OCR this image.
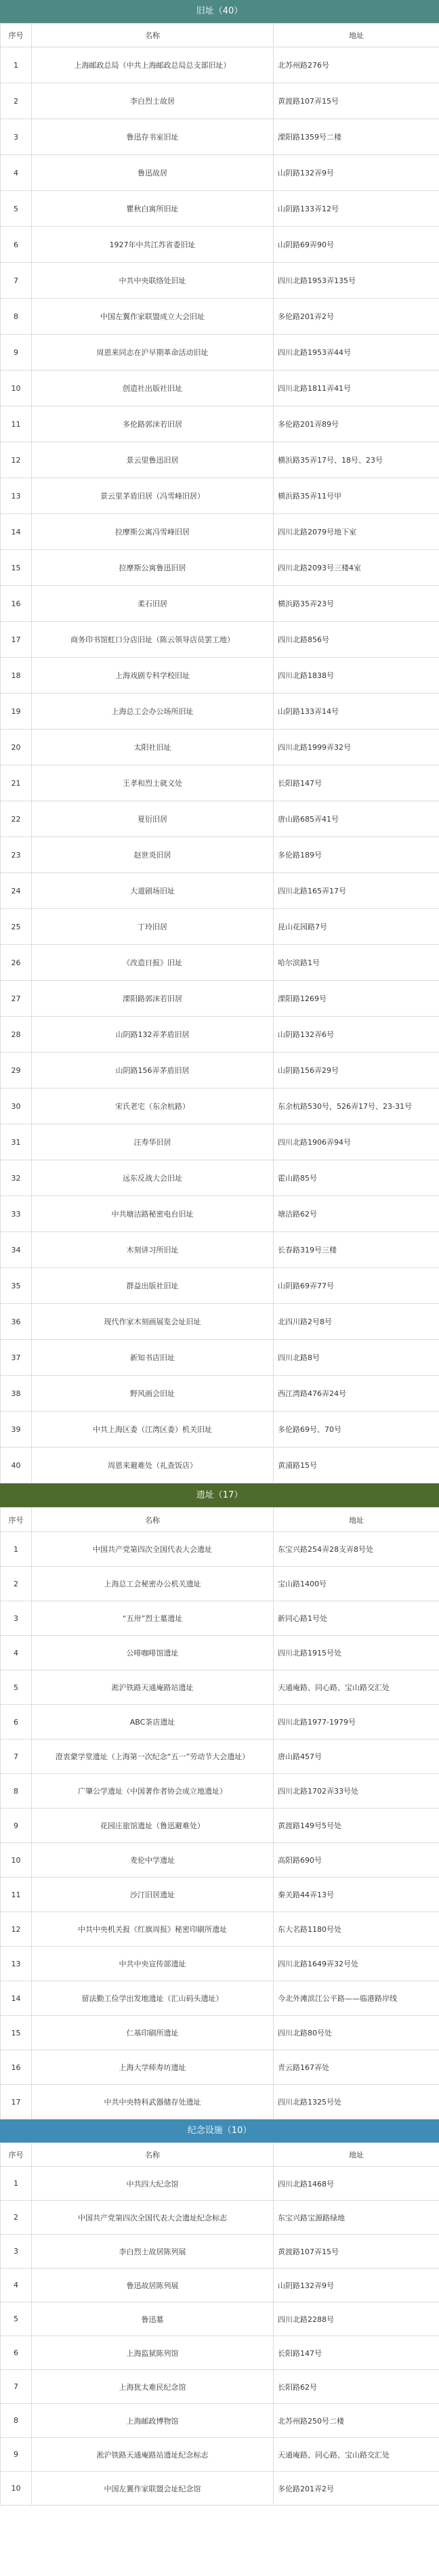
旧址（40）
序号	名称	地址
1	上海邮政总局（中共上海邮政总局总支部旧址）	北苏州路276号
2	李白烈士故居	黄渡路107弄15号
3	鲁迅存书室旧址	溧阳路1359号二楼
4	鲁迅故居	山阴路132弄9号
5	瞿秋白寓所旧址	山阴路133弄12号
6	1927年中共江苏省委旧址	山阴路69弄90号
7	中共中央联络处旧址	四川北路1953弄135号
8	中国左翼作家联盟成立大会旧址	多伦路201弄2号
9	周恩来同志在沪早期革命活动旧址	四川北路1953弄44号
10	创造社出版社旧址	四川北路1811弄41号
11	多伦路郭沫若旧居	多伦路201弄89号
12	景云里鲁迅旧居	横浜路35弄17号、18号、23号
13	景云里茅盾旧居（冯雪峰旧居）	横浜路35弄11号甲
14	拉摩斯公寓冯雪峰旧居	四川北路2079号地下室
15	拉摩斯公寓鲁迅旧居	四川北路2093号三楼4室
16	柔石旧居	横浜路35弄23号
17	商务印书馆虹口分店旧址（陈云领导店员罢工地）	四川北路856号
18	上海戏剧专科学校旧址	四川北路1838号
19	上海总工会办公场所旧址	山阴路133弄14号
20	太阳社旧址	四川北路1999弄32号
21	王孝和烈士就义处	长阳路147号
22	夏衍旧居	唐山路685弄41号
23	赵世炎旧居	多伦路189号
24	大道剧场旧址	四川北路165弄17号
25	丁玲旧居	昆山花园路7号
26	《改造日报》旧址	哈尔滨路1号
27	溧阳路郭沫若旧居	溧阳路1269号
28	山阴路132弄茅盾旧居	山阴路132弄6号
29	山阴路156弄茅盾旧居	山阴路156弄29号
30	宋氏老宅（东余杭路）	东余杭路530号，526弄17号、23-31号
31	汪寿华旧居	四川北路1906弄94号
32	远东反战大会旧址	霍山路85号
33	中共塘沽路秘密电台旧址	塘沽路62号
34	木刻讲习所旧址	长春路319号三楼
35	群益出版社旧址	山阴路69弄77号
36	现代作家木刻画展览会址旧址	北四川路2号8号
37	新知书店旧址	四川北路8号
38	野风画会旧址	西江湾路476弄24号
39	中共上海区委（江湾区委）机关旧址	多伦路69号、70号
40	周恩来避难处（礼查饭店）	黄浦路15号
遗址（17）
序号	名称	地址
1	中国共产党第四次全国代表大会遗址	东宝兴路254弄28支弄8号处
2	上海总工会秘密办公机关遗址	宝山路1400号
3	“五卅”烈士墓遗址	新同心路1号处
4	公啡咖啡馆遗址	四川北路1915号处
5	淞沪铁路天通庵路站遗址	天通庵路、同心路、宝山路交汇处
6	ABC茶店遗址	四川北路1977-1979号
7	澄衷蒙学堂遗址（上海第一次纪念“五一”劳动节大会遗址）	唐山路457号
8	广肇公学遗址（中国著作者协会成立地遗址）	四川北路1702弄33号处
9	花园庄旅馆遗址（鲁迅避难处）	黄渡路149号5号处
10	麦伦中学遗址	高阳路690号
11	沙汀旧居遗址	秦关路44弄13号
12	中共中央机关报《红旗周报》秘密印刷所遗址	东大名路1180号处
13	中共中央宣传部遗址	四川北路1649弄32号处
14	留法勤工俭学出发地遗址（汇山码头遗址）	今北外滩滨江公平路——临港路岸线
15	仁基印刷所遗址	四川北路80号处
16	上海大学师寿坊遗址	青云路167弄处
17	中共中央特科武器储存处遗址	四川北路1325号处
纪念设施（10）
序号	名称	地址
1	中共四大纪念馆	四川北路1468号
2	中国共产党第四次全国代表大会遗址纪念标志	东宝兴路宝源路绿地
3	李白烈士故居陈列展	黄渡路107弄15号
4	鲁迅故居陈列展	山阴路132弄9号
5	鲁迅墓	四川北路2288号
6	上海监狱陈列馆	长阳路147号
7	上海犹太难民纪念馆	长阳路62号
8	上海邮政博物馆	北苏州路250号二楼
9	淞沪铁路天通庵路站遗址纪念标志	天通庵路、同心路、宝山路交汇处
10	中国左翼作家联盟会址纪念馆	多伦路201弄2号
